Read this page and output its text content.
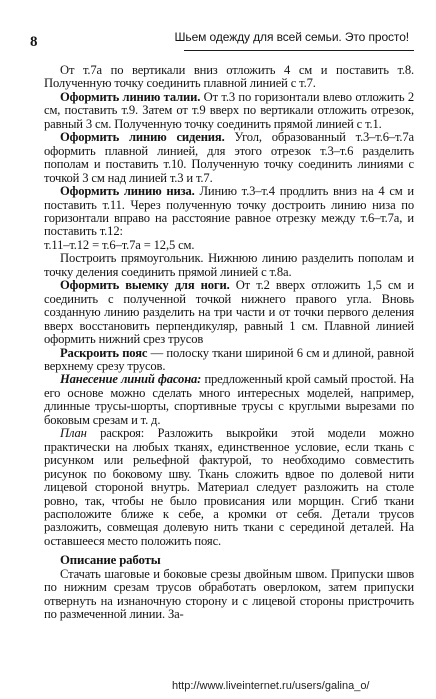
8	Шьем одежду для всей семьи. Это просто!

От т.7а по вертикали вниз отложить 4 см и поставить т.8. Полученную точку соединить плавной линией с т.7.

Оформить линию талии. От т.3 по горизонтали влево отложить 2 см, поставить т.9. Затем от т.9 вверх по вертикали отложить отрезок, равный 3 см. Полученную точку соединить прямой линией с т.1.

Оформить линию сидения. Угол, образованный т.3–т.6–т.7а оформить плавной линией, для этого отрезок т.3–т.6 разделить пополам и поставить т.10. Полученную точку соединить линиями с точкой 3 см над линией т.3 и т.7.

Оформить линию низа. Линию т.3–т.4 продлить вниз на 4 см и поставить т.11. Через полученную точку достроить линию низа по горизонтали вправо на расстояние равное отрезку между т.6–т.7а, и поставить т.12:

т.11–т.12 = т.6–т.7а = 12,5 см.

Построить прямоугольник. Нижнюю линию разделить пополам и точку деления соединить прямой линией с т.8а.

Оформить выемку для ноги. От т.2 вверх отложить 1,5 см и соединить с полученной точкой нижнего правого угла. Вновь созданную линию разделить на три части и от точки первого деления вверх восстановить перпендикуляр, равный 1 см. Плавной линией оформить нижний срез трусов

Раскроить пояс — полоску ткани шириной 6 см и длиной, равной верхнему срезу трусов.

Нанесение линий фасона: предложенный крой самый простой. На его основе можно сделать много интересных моделей, например, длинные трусы-шорты, спортивные трусы с круглыми вырезами по боковым срезам и т. д.

План раскроя: Разложить выкройки этой модели можно практически на любых тканях, единственное условие, если ткань с рисунком или рельефной фактурой, то необходимо совместить рисунок по боковому шву. Ткань сложить вдвое по долевой нити лицевой стороной внутрь. Материал следует разложить на столе ровно, так, чтобы не было провисания или морщин. Сгиб ткани расположите ближе к себе, а кромки от себя. Детали трусов разложить, совмещая долевую нить ткани с серединой деталей. На оставшееся место положить пояс.

Описание работы

Стачать шаговые и боковые срезы двойным швом. Припуски швов по нижним срезам трусов обработать оверлоком, затем припуски отвернуть на изнаночную сторону и с лицевой стороны пристрочить по размеченной линии. За-

http://www.liveinternet.ru/users/galina_o/
